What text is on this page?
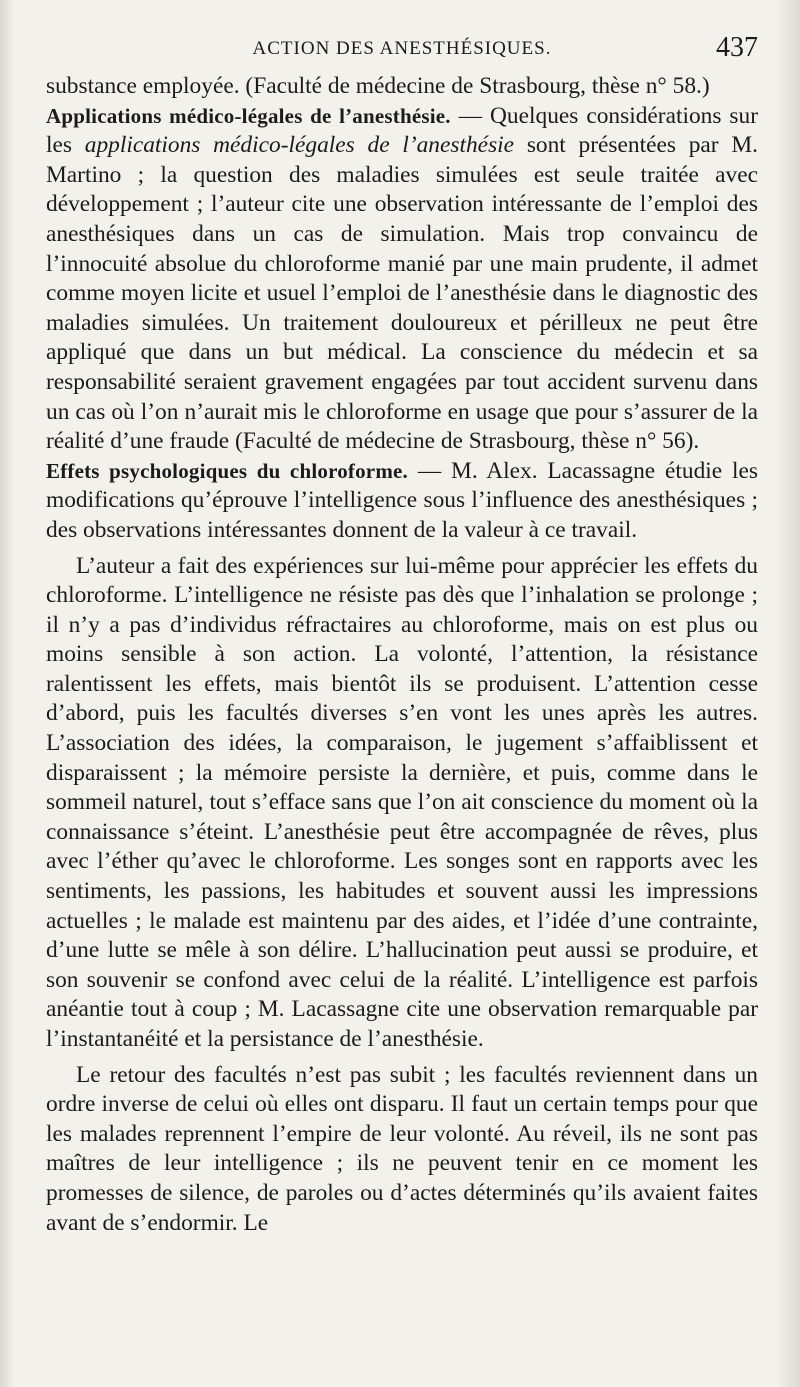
ACTION DES ANESTHÉSIQUES.	437

substance employée. (Faculté de médecine de Strasbourg, thèse n° 58.)

Applications médico-légales de l’anesthésie. — Quelques considérations sur les applications médico-légales de l’anesthésie sont présentées par M. Martino ; la question des maladies simulées est seule traitée avec développement ; l’auteur cite une observation intéressante de l’emploi des anesthésiques dans un cas de simulation. Mais trop convaincu de l’innocuité absolue du chloroforme manié par une main prudente, il admet comme moyen licite et usuel l’emploi de l’anesthésie dans le diagnostic des maladies simulées. Un traitement douloureux et périlleux ne peut être appliqué que dans un but médical. La conscience du médecin et sa responsabilité seraient gravement engagées par tout accident survenu dans un cas où l’on n’aurait mis le chloroforme en usage que pour s’assurer de la réalité d’une fraude (Faculté de médecine de Strasbourg, thèse n° 56).

Effets psychologiques du chloroforme. — M. Alex. Lacassagne étudie les modifications qu’éprouve l’intelligence sous l’influence des anesthésiques ; des observations intéressantes donnent de la valeur à ce travail.

L’auteur a fait des expériences sur lui-même pour apprécier les effets du chloroforme. L’intelligence ne résiste pas dès que l’inhalation se prolonge ; il n’y a pas d’individus réfractaires au chloroforme, mais on est plus ou moins sensible à son action. La volonté, l’attention, la résistance ralentissent les effets, mais bientôt ils se produisent. L’attention cesse d’abord, puis les facultés diverses s’en vont les unes après les autres. L’association des idées, la comparaison, le jugement s’affaiblissent et disparaissent ; la mémoire persiste la dernière, et puis, comme dans le sommeil naturel, tout s’efface sans que l’on ait conscience du moment où la connaissance s’éteint. L’anesthésie peut être accompagnée de rêves, plus avec l’éther qu’avec le chloroforme. Les songes sont en rapports avec les sentiments, les passions, les habitudes et souvent aussi les impressions actuelles ; le malade est maintenu par des aides, et l’idée d’une contrainte, d’une lutte se mêle à son délire. L’hallucination peut aussi se produire, et son souvenir se confond avec celui de la réalité. L’intelligence est parfois anéantie tout à coup ; M. Lacassagne cite une observation remarquable par l’instantanéité et la persistance de l’anesthésie.

Le retour des facultés n’est pas subit ; les facultés reviennent dans un ordre inverse de celui où elles ont disparu. Il faut un certain temps pour que les malades reprennent l’empire de leur volonté. Au réveil, ils ne sont pas maîtres de leur intelligence ; ils ne peuvent tenir en ce moment les promesses de silence, de paroles ou d’actes déterminés qu’ils avaient faites avant de s’endormir. Le
